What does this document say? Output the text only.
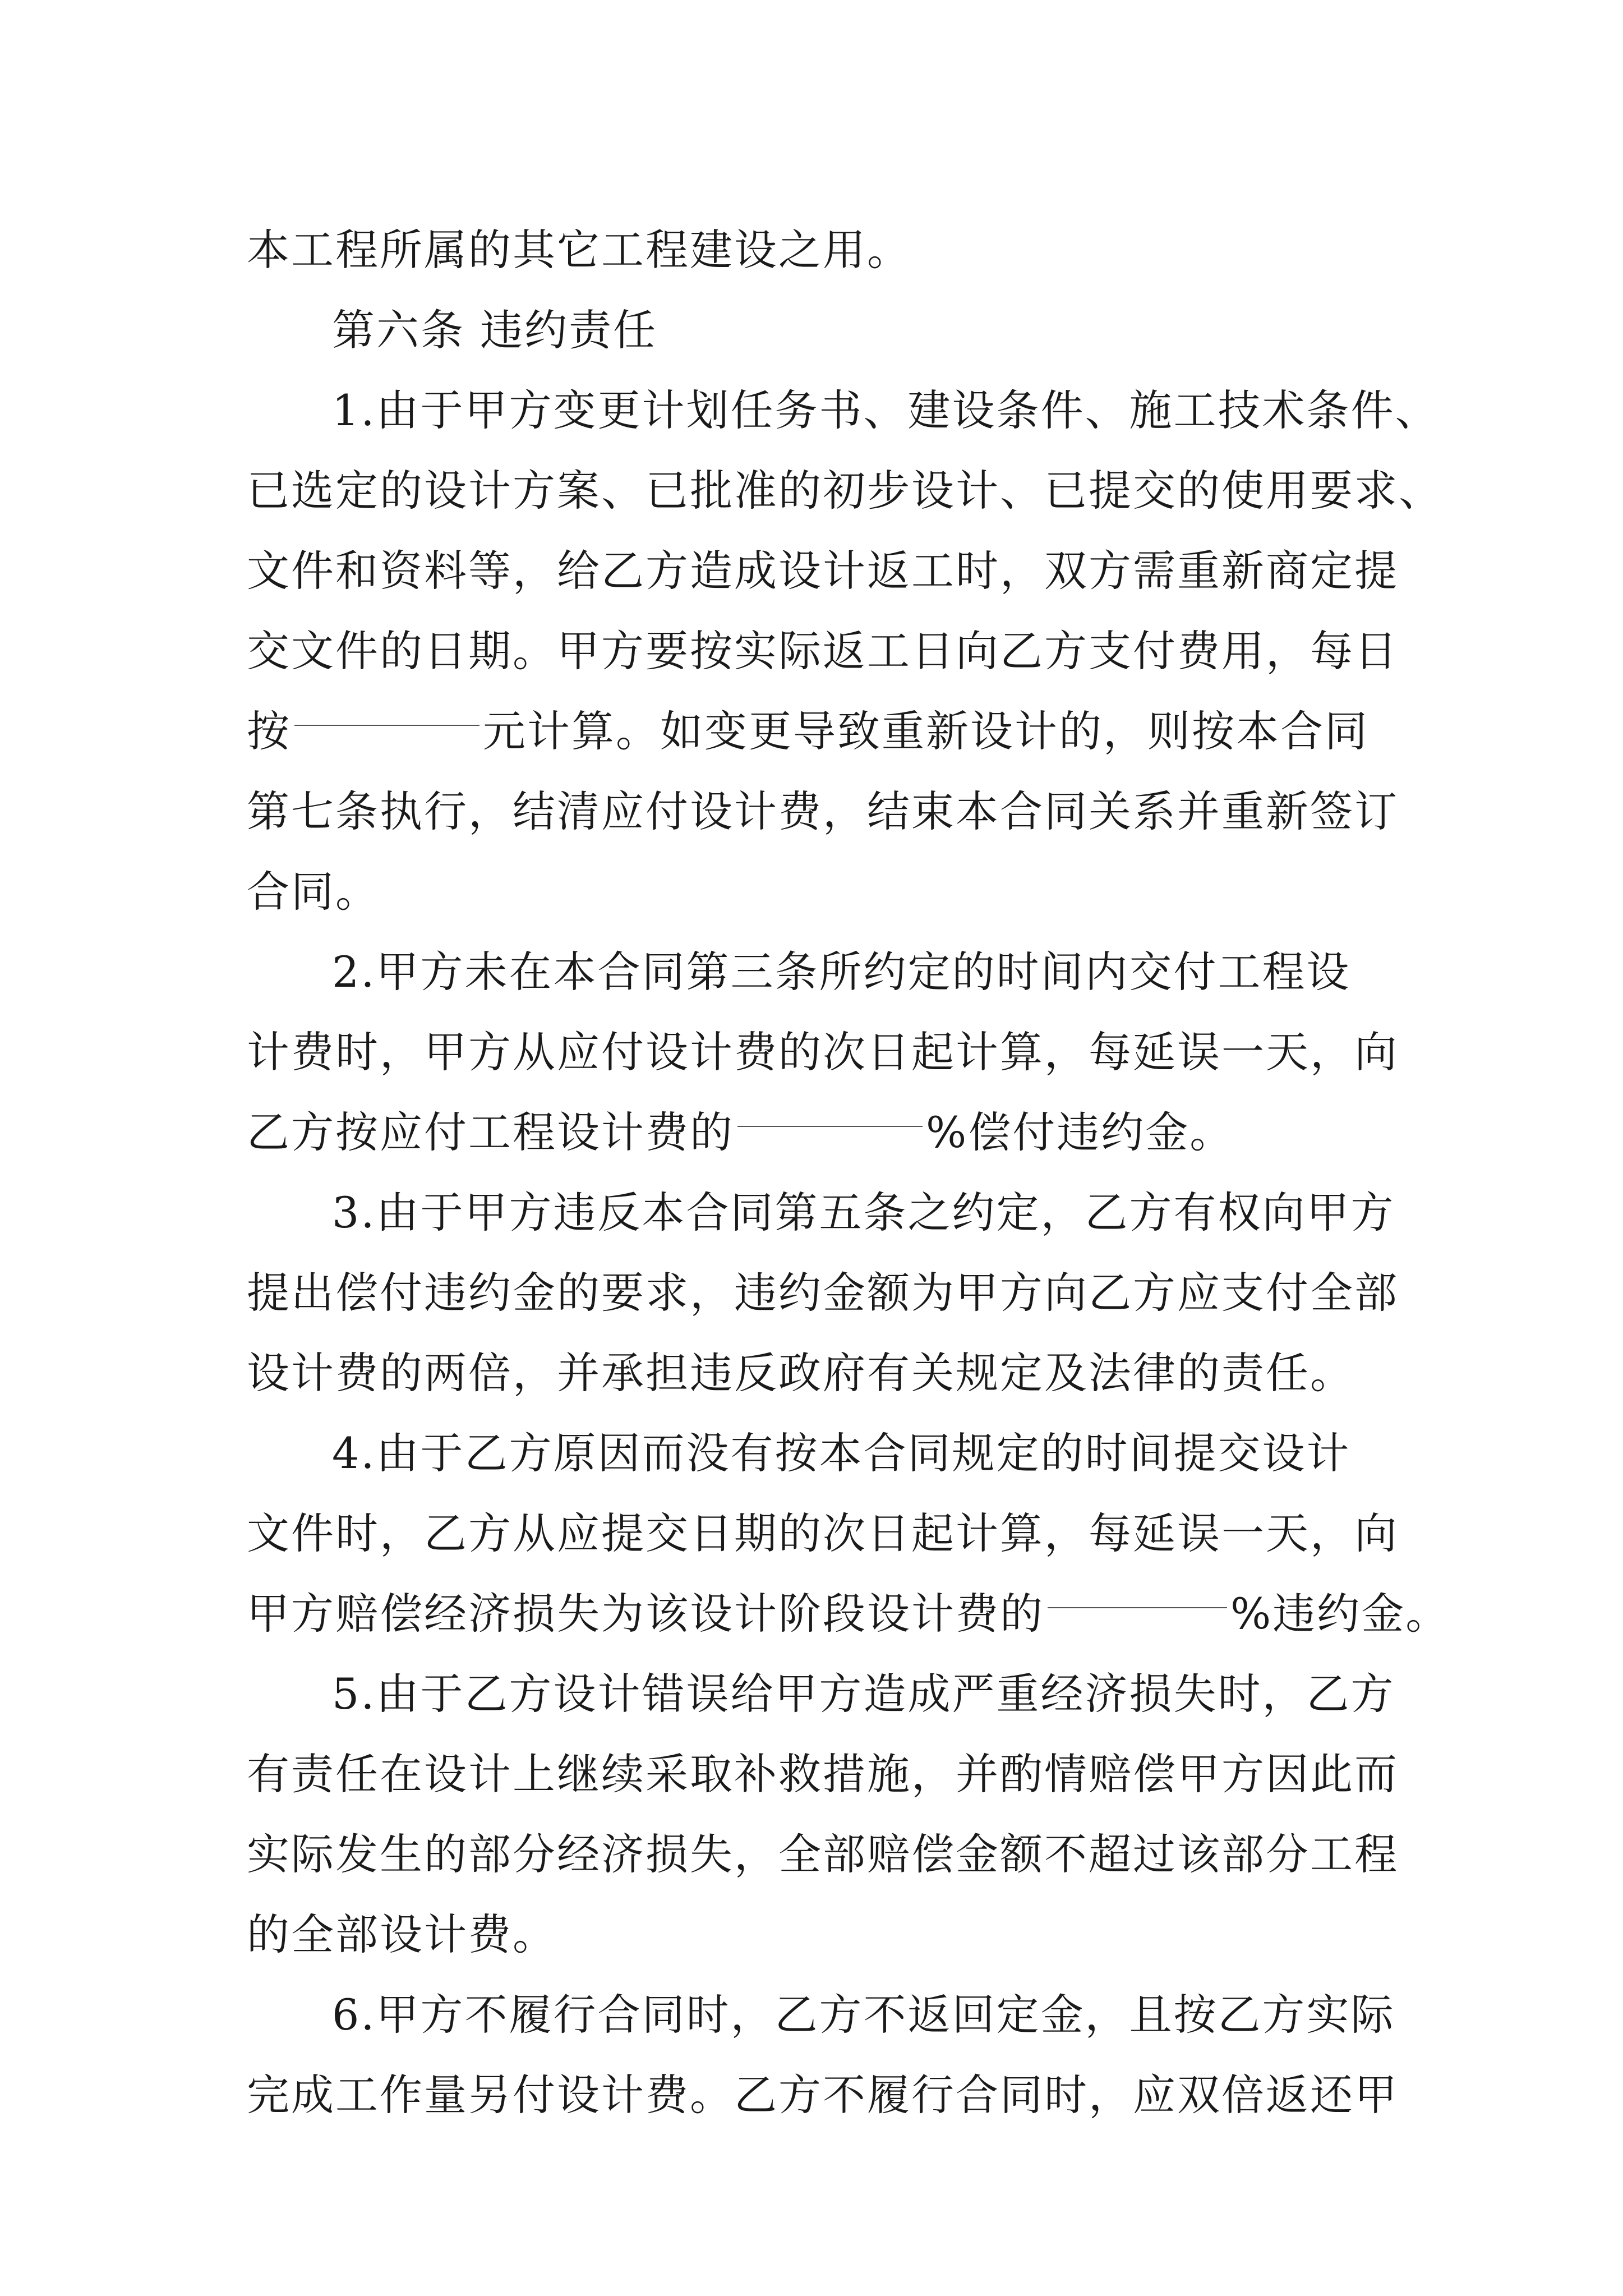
本工程所属的其它工程建设之用。
第六条 违约责任
1.由于甲方变更计划任务书、建设条件、施工技术条件、
已选定的设计方案、已批准的初步设计、已提交的使用要求、
文件和资料等，给乙方造成设计返工时，双方需重新商定提
交文件的日期。甲方要按实际返工日向乙方支付费用，每日
按	元计算。如变更导致重新设计的，则按本合同
第七条执行，结清应付设计费，结束本合同关系并重新签订
合同。
2.甲方未在本合同第三条所约定的时间内交付工程设
计费时，甲方从应付设计费的次日起计算，每延误一天，向
乙方按应付工程设计费的	%偿付违约金。
3.由于甲方违反本合同第五条之约定，乙方有权向甲方
提出偿付违约金的要求，违约金额为甲方向乙方应支付全部
设计费的两倍，并承担违反政府有关规定及法律的责任。
4.由于乙方原因而没有按本合同规定的时间提交设计
文件时，乙方从应提交日期的次日起计算，每延误一天，向
甲方赔偿经济损失为该设计阶段设计费的	%违约金。
5.由于乙方设计错误给甲方造成严重经济损失时，乙方
有责任在设计上继续采取补救措施，并酌情赔偿甲方因此而
实际发生的部分经济损失，全部赔偿金额不超过该部分工程
的全部设计费。
6.甲方不履行合同时，乙方不返回定金，且按乙方实际
完成工作量另付设计费。乙方不履行合同时，应双倍返还甲
